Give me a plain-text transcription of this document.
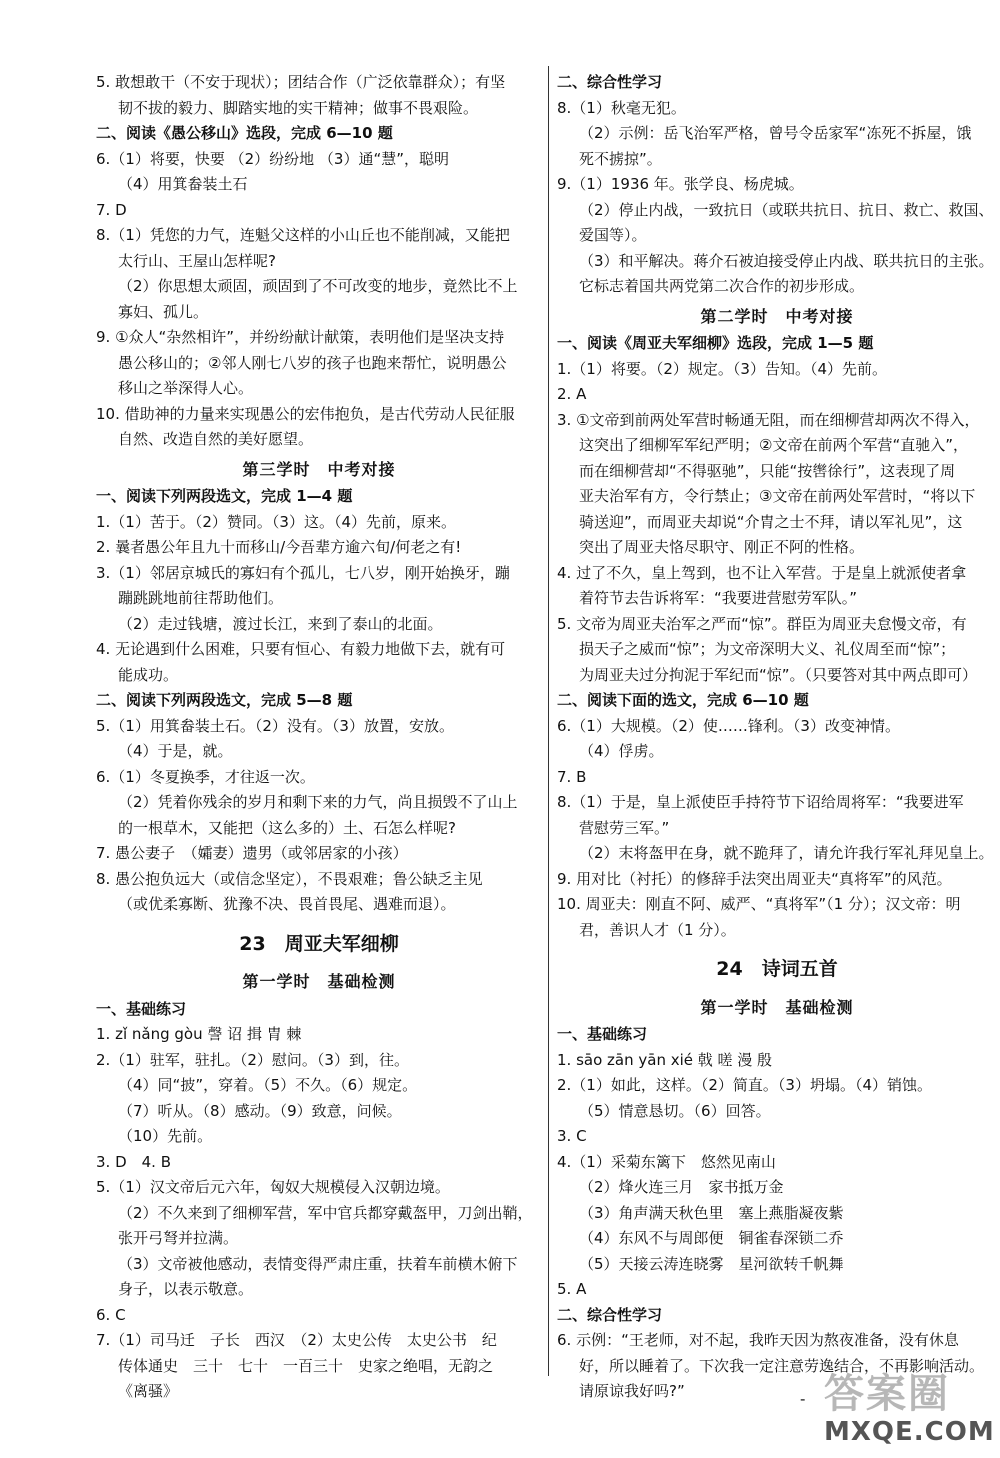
5. 敢想敢干（不安于现状）；团结合作（广泛依靠群众）；有坚
韧不拔的毅力、脚踏实地的实干精神；做事不畏艰险。
二、阅读《愚公移山》选段，完成 6—10 题
6.（1）将要，快要 （2）纷纷地 （3）通“慧”，聪明
（4）用箕畚装土石
7. D
8.（1）凭您的力气，连魁父这样的小山丘也不能削减，又能把
太行山、王屋山怎样呢?
（2）你思想太顽固，顽固到了不可改变的地步，竟然比不上
寡妇、孤儿。
9. ①众人“杂然相许”，并纷纷献计献策，表明他们是坚决支持
愚公移山的；②邻人刚七八岁的孩子也跑来帮忙，说明愚公
移山之举深得人心。
10. 借助神的力量来实现愚公的宏伟抱负，是古代劳动人民征服
自然、改造自然的美好愿望。
第三学时　中考对接
一、阅读下列两段选文，完成 1—4 题
1.（1）苦于。（2）赞同。（3）这。（4）先前，原来。
2. 曩者愚公年且九十而移山/今吾辈方逾六旬/何老之有!
3.（1）邻居京城氏的寡妇有个孤儿，七八岁，刚开始换牙，蹦
蹦跳跳地前往帮助他们。
（2）走过钱塘，渡过长江，来到了泰山的北面。
4. 无论遇到什么困难，只要有恒心、有毅力地做下去，就有可
能成功。
二、阅读下列两段选文，完成 5—8 题
5.（1）用箕畚装土石。（2）没有。（3）放置，安放。
（4）于是，就。
6.（1）冬夏换季，才往返一次。
（2）凭着你残余的岁月和剩下来的力气，尚且损毁不了山上
的一根草木，又能把（这么多的）土、石怎么样呢?
7. 愚公妻子　（孀妻）遗男（或邻居家的小孩）
8. 愚公抱负远大（或信念坚定），不畏艰难；鲁公缺乏主见
（或优柔寡断、犹豫不决、畏首畏尾、遇难而退）。
23　周亚夫军细柳
第一学时　基础检测
一、基础练习
1. zǐ nǎng gòu 謦 诏 揖 胄 棘
2.（1）驻军，驻扎。（2）慰问。（3）到，往。
（4）同“披”，穿着。（5）不久。（6）规定。
（7）听从。（8）感动。（9）致意，问候。
（10）先前。
3. D　4. B
5.（1）汉文帝后元六年，匈奴大规模侵入汉朝边境。
（2）不久来到了细柳军营，军中官兵都穿戴盔甲，刀剑出鞘，
张开弓弩并拉满。
（3）文帝被他感动，表情变得严肃庄重，扶着车前横木俯下
身子，以表示敬意。
6. C
7.（1）司马迁　子长　西汉　（2）太史公传　太史公书　纪
传体通史　三十　七十　一百三十　史家之绝唱，无韵之
《离骚》
二、综合性学习
8.（1）秋毫无犯。
（2）示例：岳飞治军严格，曾号令岳家军“冻死不拆屋，饿
死不掳掠”。
9.（1）1936 年。张学良、杨虎城。
（2）停止内战，一致抗日（或联共抗日、抗日、救亡、救国、
爱国等）。
（3）和平解决。蒋介石被迫接受停止内战、联共抗日的主张。
它标志着国共两党第二次合作的初步形成。
第二学时　中考对接
一、阅读《周亚夫军细柳》选段，完成 1—5 题
1.（1）将要。（2）规定。（3）告知。（4）先前。
2. A
3. ①文帝到前两处军营时畅通无阻，而在细柳营却两次不得入，
这突出了细柳军军纪严明；②文帝在前两个军营“直驰入”，
而在细柳营却“不得驱驰”，只能“按辔徐行”，这表现了周
亚夫治军有方，令行禁止；③文帝在前两处军营时，“将以下
骑送迎”，而周亚夫却说“介胄之士不拜，请以军礼见”，这
突出了周亚夫恪尽职守、刚正不阿的性格。
4. 过了不久，皇上驾到，也不让入军营。于是皇上就派使者拿
着符节去告诉将军：“我要进营慰劳军队。”
5. 文帝为周亚夫治军之严而“惊”。群臣为周亚夫怠慢文帝，有
损天子之威而“惊”；为文帝深明大义、礼仪周至而“惊”；
为周亚夫过分拘泥于军纪而“惊”。（只要答对其中两点即可）
二、阅读下面的选文，完成 6—10 题
6.（1）大规模。（2）使……锋利。（3）改变神情。
（4）俘虏。
7. B
8.（1）于是，皇上派使臣手持符节下诏给周将军：“我要进军
营慰劳三军。”
（2）末将盔甲在身，就不跪拜了，请允许我行军礼拜见皇上。
9. 用对比（衬托）的修辞手法突出周亚夫“真将军”的风范。
10. 周亚夫：刚直不阿、威严、“真将军”（1 分）；汉文帝：明
君，善识人才（1 分）。
24　诗词五首
第一学时　基础检测
一、基础练习
1. sāo zān yān xié 戟 嗟 漫 殷
2.（1）如此，这样。（2）简直。（3）坍塌。（4）销蚀。
（5）情意恳切。（6）回答。
3. C
4.（1）采菊东篱下　悠然见南山
（2）烽火连三月　家书抵万金
（3）角声满天秋色里　塞上燕脂凝夜紫
（4）东风不与周郎便　铜雀春深锁二乔
（5）天接云涛连晓雾　星河欲转千帆舞
5. A
二、综合性学习
6. 示例：“王老师，对不起，我昨天因为熬夜准备，没有休息
好，所以睡着了。下次我一定注意劳逸结合，不再影响活动。
请原谅我好吗?”	- 答案圈
MXQE.COM
